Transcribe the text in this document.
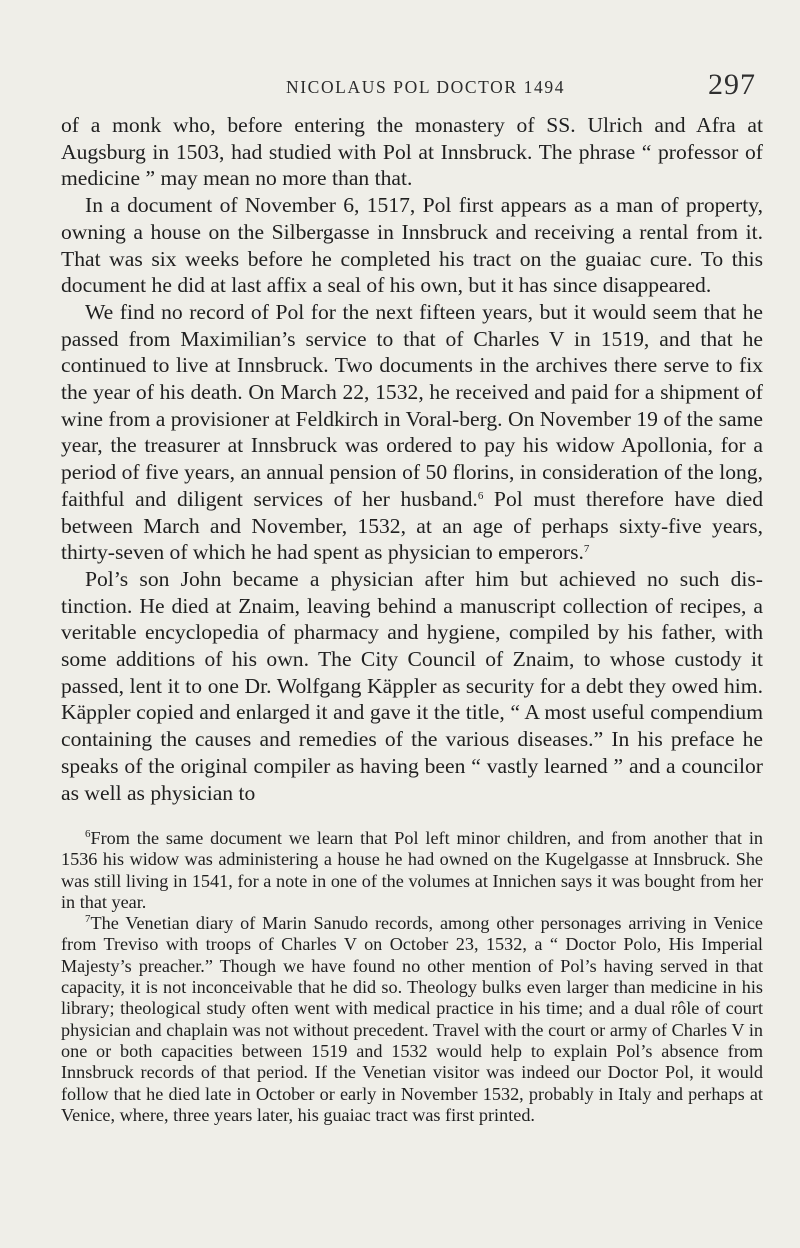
NICOLAUS POL DOCTOR 1494	297

of a monk who, before entering the monastery of SS. Ulrich and Afra at Augsburg in 1503, had studied with Pol at Innsbruck. The phrase “ professor of medicine ” may mean no more than that.

In a document of November 6, 1517, Pol first appears as a man of property, owning a house on the Silbergasse in Innsbruck and receiving a rental from it. That was six weeks before he completed his tract on the guaiac cure. To this document he did at last affix a seal of his own, but it has since disappeared.

We find no record of Pol for the next fifteen years, but it would seem that he passed from Maximilian’s service to that of Charles V in 1519, and that he continued to live at Innsbruck. Two documents in the archives there serve to fix the year of his death. On March 22, 1532, he received and paid for a shipment of wine from a provisioner at Feldkirch in Voral-berg. On November 19 of the same year, the treasurer at Innsbruck was ordered to pay his widow Apollonia, for a period of five years, an annual pension of 50 florins, in consideration of the long, faithful and diligent services of her husband.$^6$ Pol must therefore have died between March and November, 1532, at an age of perhaps sixty-five years, thirty-seven of which he had spent as physician to emperors.$^7$

Pol’s son John became a physician after him but achieved no such dis-tinction. He died at Znaim, leaving behind a manuscript collection of recipes, a veritable encyclopedia of pharmacy and hygiene, compiled by his father, with some additions of his own. The City Council of Znaim, to whose custody it passed, lent it to one Dr. Wolfgang Käppler as security for a debt they owed him. Käppler copied and enlarged it and gave it the title, “ A most useful compendium containing the causes and remedies of the various diseases.” In his preface he speaks of the original compiler as having been “ vastly learned ” and a councilor as well as physician to

$^6$From the same document we learn that Pol left minor children, and from another that in 1536 his widow was administering a house he had owned on the Kugelgasse at Innsbruck. She was still living in 1541, for a note in one of the volumes at Innichen says it was bought from her in that year.

$^7$The Venetian diary of Marin Sanudo records, among other personages arriving in Venice from Treviso with troops of Charles V on October 23, 1532, a “ Doctor Polo, His Imperial Majesty’s preacher.” Though we have found no other mention of Pol’s having served in that capacity, it is not inconceivable that he did so. Theology bulks even larger than medicine in his library; theological study often went with medical practice in his time; and a dual rôle of court physician and chaplain was not without precedent. Travel with the court or army of Charles V in one or both capacities between 1519 and 1532 would help to explain Pol’s absence from Innsbruck records of that period. If the Venetian visitor was indeed our Doctor Pol, it would follow that he died late in October or early in November 1532, probably in Italy and perhaps at Venice, where, three years later, his guaiac tract was first printed.
